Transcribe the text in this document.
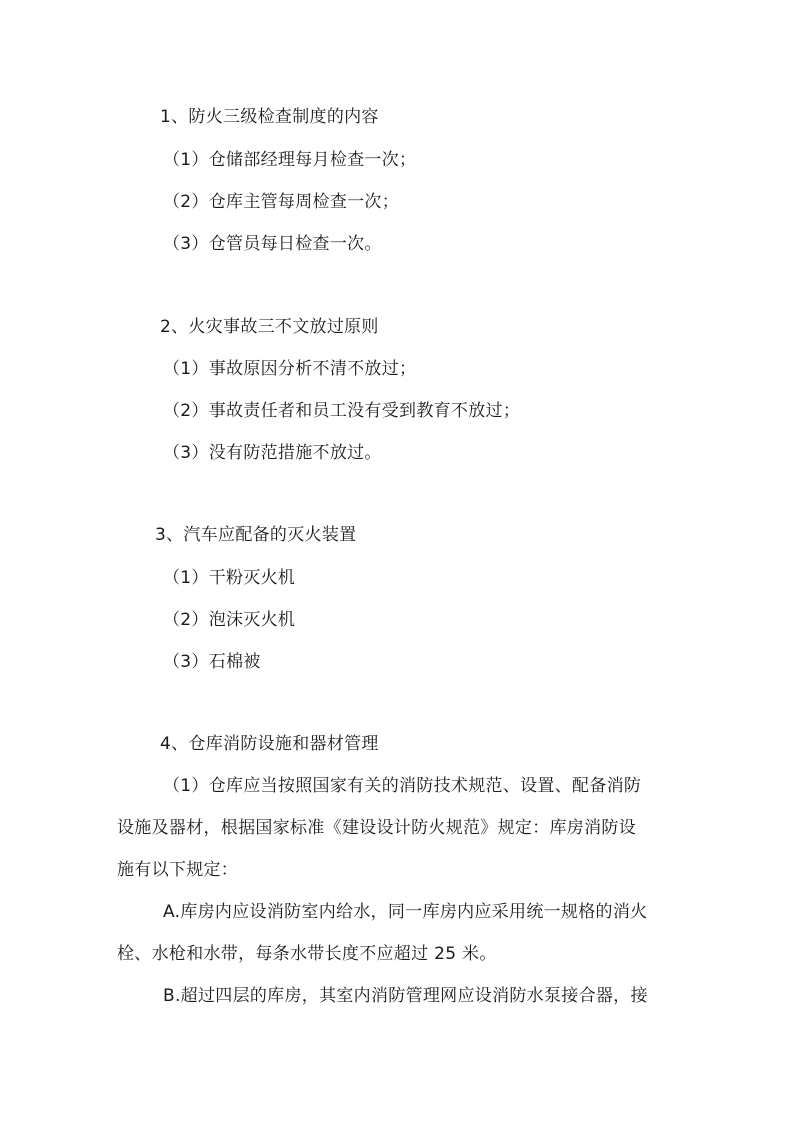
1、防火三级检查制度的内容
（1）仓储部经理每月检查一次；
（2）仓库主管每周检查一次；
（3）仓管员每日检查一次。
2、火灾事故三不文放过原则
（1）事故原因分析不清不放过；
（2）事故责任者和员工没有受到教育不放过；
（3）没有防范措施不放过。
3、汽车应配备的灭火装置
（1）干粉灭火机
（2）泡沫灭火机
（3）石棉被
4、仓库消防设施和器材管理
（1）仓库应当按照国家有关的消防技术规范、设置、配备消防
设施及器材，根据国家标准《建设设计防火规范》规定：库房消防设
施有以下规定：
A.库房内应设消防室内给水，同一库房内应采用统一规格的消火
栓、水枪和水带，每条水带长度不应超过 25 米。
B.超过四层的库房，其室内消防管理网应设消防水泵接合器，接
